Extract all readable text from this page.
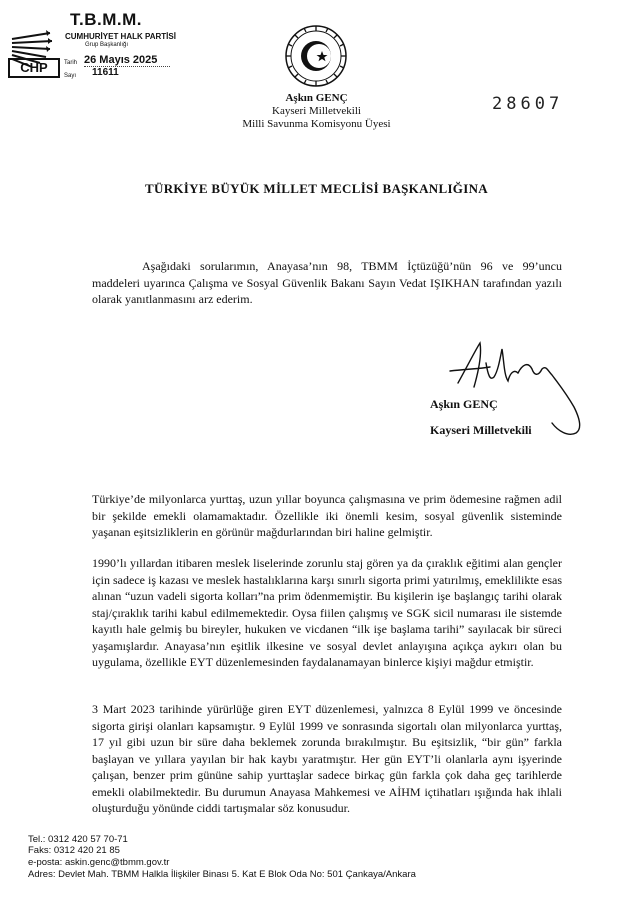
CHP
T.B.M.M.
CUMHURİYET HALK PARTİSİ
Grup Başkanlığı
Tarih 26 Mayıs 2025
Sayı 11611
28607
Aşkın GENÇ
Kayseri Milletvekili
Milli Savunma Komisyonu Üyesi
TÜRKİYE BÜYÜK MİLLET MECLİSİ BAŞKANLIĞINA

Aşağıdaki sorularımın, Anayasa’nın 98, TBMM İçtüzüğü’nün 96 ve 99’uncu maddeleri uyarınca Çalışma ve Sosyal Güvenlik Bakanı Sayın Vedat IŞIKHAN tarafından yazılı olarak yanıtlanmasını arz ederim.

Aşkın GENÇ
Kayseri Milletvekili

Türkiye’de milyonlarca yurttaş, uzun yıllar boyunca çalışmasına ve prim ödemesine rağmen adil bir şekilde emekli olamamaktadır. Özellikle iki önemli kesim, sosyal güvenlik sisteminde yaşanan eşitsizliklerin en görünür mağdurlarından biri haline gelmiştir.

1990’lı yıllardan itibaren meslek liselerinde zorunlu staj gören ya da çıraklık eğitimi alan gençler için sadece iş kazası ve meslek hastalıklarına karşı sınırlı sigorta primi yatırılmış, emeklilikte esas alınan “uzun vadeli sigorta kolları”na prim ödenmemiştir. Bu kişilerin işe başlangıç tarihi olarak staj/çıraklık tarihi kabul edilmemektedir. Oysa fiilen çalışmış ve SGK sicil numarası ile sistemde kayıtlı hale gelmiş bu bireyler, hukuken ve vicdanen “ilk işe başlama tarihi” sayılacak bir süreci yaşamışlardır. Anayasa’nın eşitlik ilkesine ve sosyal devlet anlayışına açıkça aykırı olan bu uygulama, özellikle EYT düzenlemesinden faydalanamayan binlerce kişiyi mağdur etmiştir.

3 Mart 2023 tarihinde yürürlüğe giren EYT düzenlemesi, yalnızca 8 Eylül 1999 ve öncesinde sigorta girişi olanları kapsamıştır. 9 Eylül 1999 ve sonrasında sigortalı olan milyonlarca yurttaş, 17 yıl gibi uzun bir süre daha beklemek zorunda bırakılmıştır. Bu eşitsizlik, “bir gün” farkla başlayan ve yıllara yayılan bir hak kaybı yaratmıştır. Her gün EYT’li olanlarla aynı işyerinde çalışan, benzer prim gününe sahip yurttaşlar sadece birkaç gün farkla çok daha geç tarihlerde emekli olabilmektedir. Bu durumun Anayasa Mahkemesi ve AİHM içtihatları ışığında hak ihlali oluşturduğu yönünde ciddi tartışmalar söz konusudur.

Tel.: 0312 420 57 70-71
Faks: 0312 420 21 85
e-posta: askin.genc@tbmm.gov.tr
Adres: Devlet Mah. TBMM Halkla İlişkiler Binası 5. Kat E Blok Oda No: 501 Çankaya/Ankara
